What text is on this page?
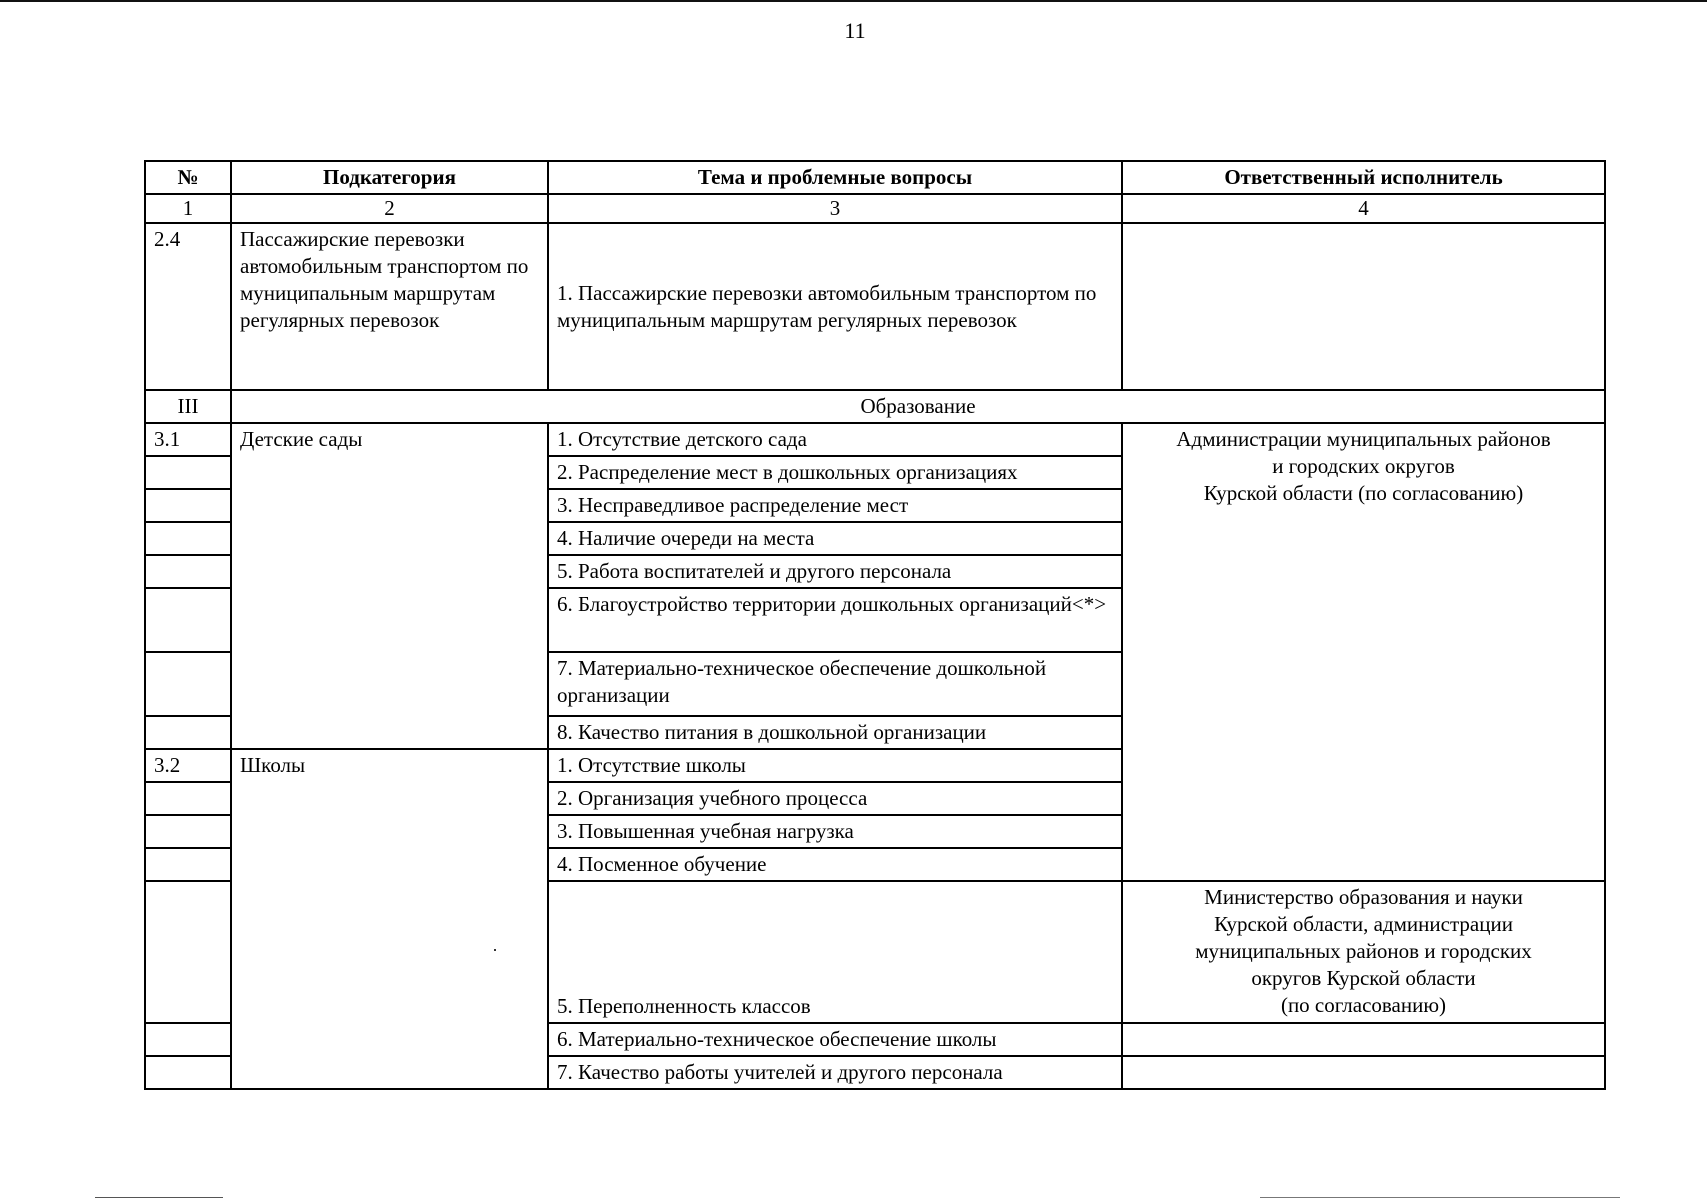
11
№	Подкатегория	Тема и проблемные вопросы	Ответственный исполнитель
1	2	3	4
2.4	Пассажирские перевозки автомобильным транспортом по муниципальным маршрутам регулярных перевозок	1. Пассажирские перевозки автомобильным транспортом по муниципальным маршрутам регулярных перевозок	
III	Образование		
3.1	Детские сады	1. Отсутствие детского сада	Администрации муниципальных районов
и городских округов
Курской области (по согласованию)

		2. Распределение мест в дошкольных организациях	
		3. Несправедливое распределение мест	
		4. Наличие очереди на места	
		5. Работа воспитателей и другого персонала	
		6. Благоустройство территории дошкольных организаций<*>	
		7. Материально-техническое обеспечение дошкольной организации	
		8. Качество питания в дошкольной организации	
3.2	Школы	1. Отсутствие школы	
		2. Организация учебного процесса	
		3. Повышенная учебная нагрузка	
		4. Посменное обучение	
		5. Переполненность классов	Министерство образования и науки
Курской области, администрации
муниципальных районов и городских
округов Курской области
(по согласованию)

		6. Материально-техническое обеспечение школы	
		7. Качество работы учителей и другого персонала	
